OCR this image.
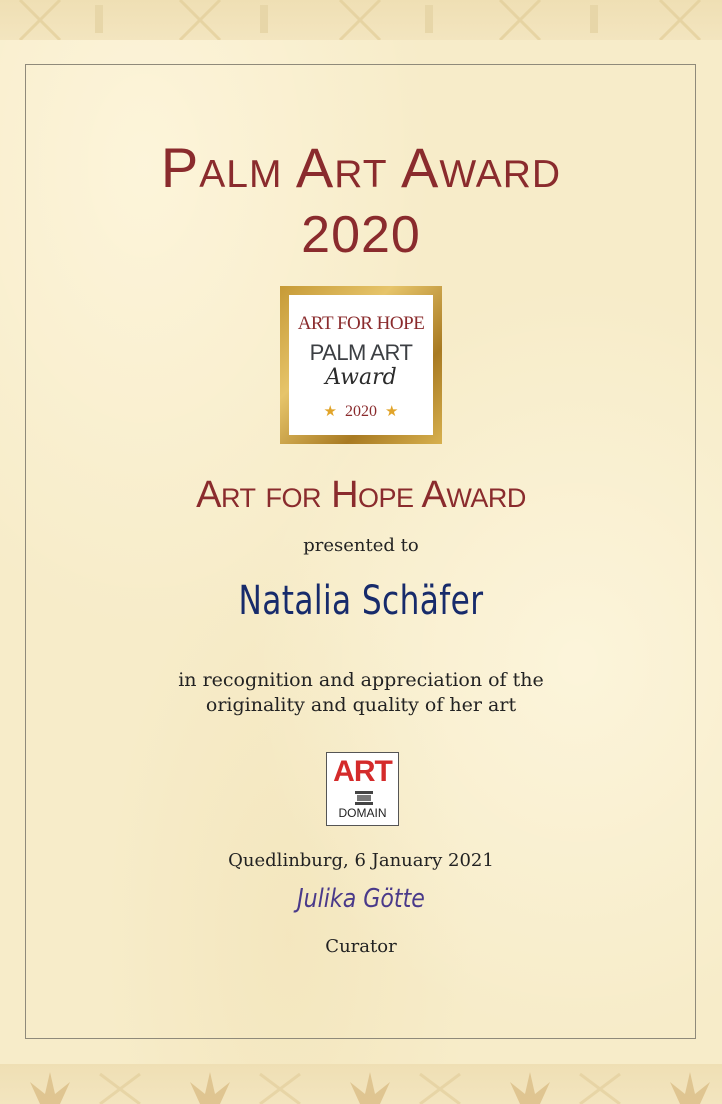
Palm Art Award
2020
ART FOR HOPE
PALM ART
Award
★ 2020 ★
Art for Hope Award
presented to
Natalia Schäfer
in recognition and appreciation of the
originality and quality of her art
ART
DOMAIN
Quedlinburg, 6 January 2021
Julika Götte
Curator
